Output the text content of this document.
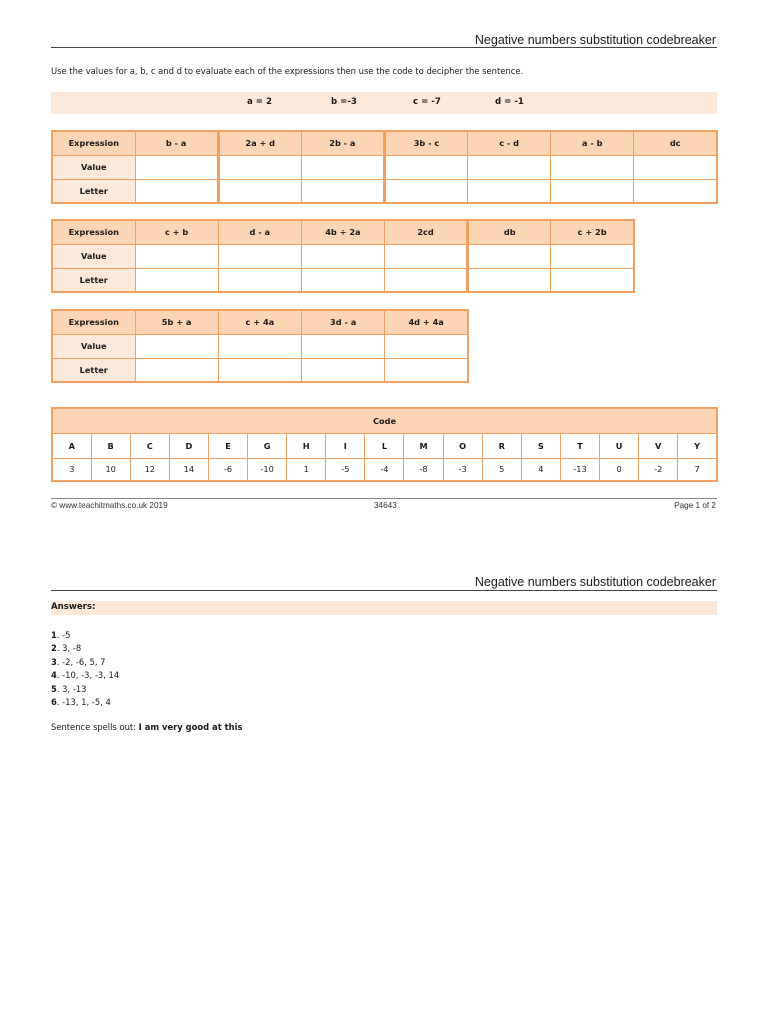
Negative numbers substitution codebreaker
Use the values for a, b, c and d to evaluate each of the expressions then use the code to decipher the sentence.
a = 2	b =-3	c = -7	d = -1
Expression	b - a	2a + d	2b - a	3b - c	c - d	a - b	dc
Value							
Letter							
Expression	c + b	d - a	4b ÷ 2a	2cd	db	c + 2b
Value						
Letter						
Expression	5b + a	c + 4a	3d - a	4d + 4a
Value				
Letter				
Code																
A	B	C	D	E	G	H	I	L	M	O	R	S	T	U	V	Y
3	10	12	14	-6	-10	1	-5	-4	-8	-3	5	4	-13	0	-2	7
© www.teachitmaths.co.uk 2019	34643	Page 1 of 2
Negative numbers substitution codebreaker
Answers:
1. -5
2. 3, -8
3. -2, -6, 5, 7
4. -10, -3, -3, 14
5. 3, -13
6. -13, 1, -5, 4
Sentence spells out: I am very good at this
